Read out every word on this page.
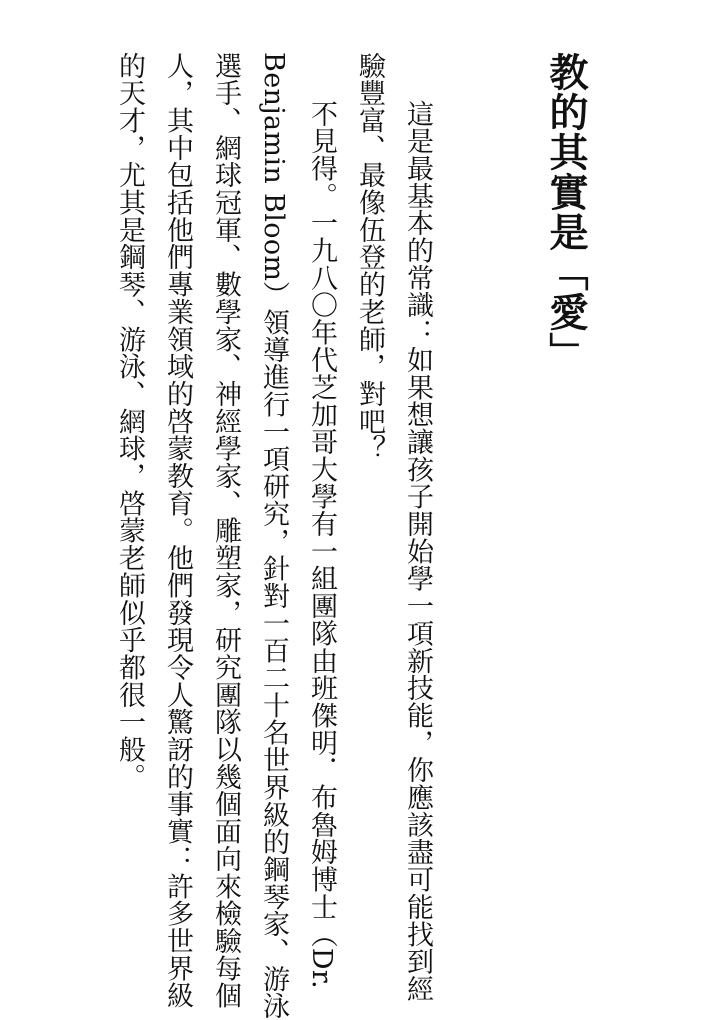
教的其實是「愛」
這是最基本的常識：如果想讓孩子開始學一項新技能，你應該盡可能找到經
驗豐富、最像伍登的老師，對吧？
不見得。一九八〇年代芝加哥大學有一組團隊由班傑明．布魯姆博士（Dr.
Benjamin Bloom）領導進行一項研究，針對一百二十名世界級的鋼琴家、游泳
選手、網球冠軍、數學家、神經學家、雕塑家，研究團隊以幾個面向來檢驗每個
人，其中包括他們專業領域的啓蒙教育。他們發現令人驚訝的事實：許多世界級
的天才，尤其是鋼琴、游泳、網球，啓蒙老師似乎都很一般。
